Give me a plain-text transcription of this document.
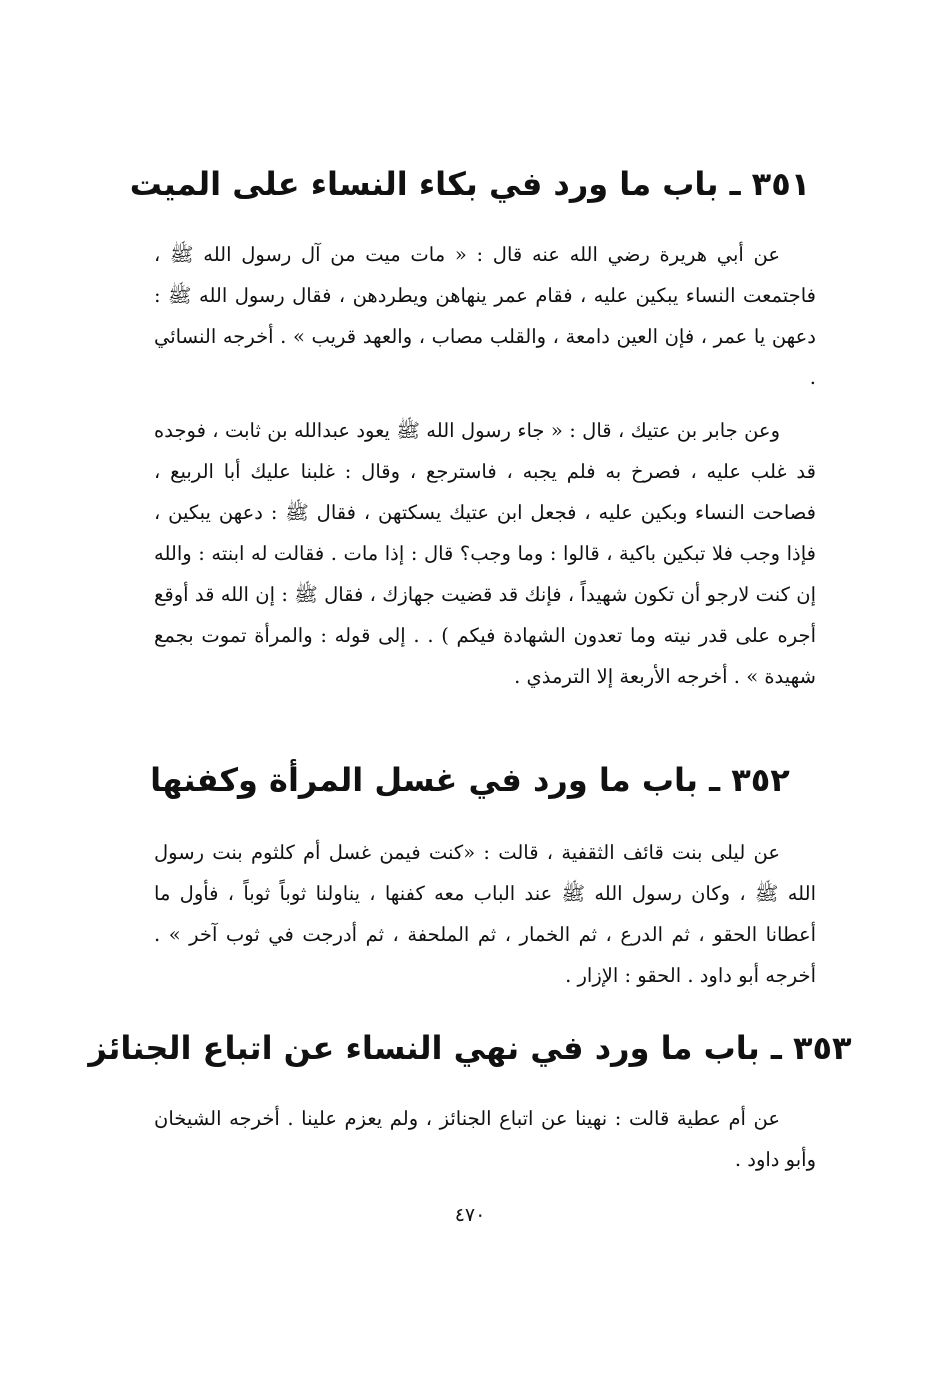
٣٥١ ـ باب ما ورد في بكاء النساء على الميت

عن أبي هريرة رضي الله عنه قال : « مات ميت من آل رسول الله ﷺ ، فاجتمعت النساء يبكين عليه ، فقام عمر ينهاهن ويطردهن ، فقال رسول الله ﷺ : دعهن يا عمر ، فإن العين دامعة ، والقلب مصاب ، والعهد قريب » . أخرجه النسائي .

وعن جابر بن عتيك ، قال : « جاء رسول الله ﷺ يعود عبدالله بن ثابت ، فوجده قد غلب عليه ، فصرخ به فلم يجبه ، فاسترجع ، وقال : غلبنا عليك أبا الربيع ، فصاحت النساء وبكين عليه ، فجعل ابن عتيك يسكتهن ، فقال ﷺ : دعهن يبكين ، فإذا وجب فلا تبكين باكية ، قالوا : وما وجب؟ قال : إذا مات . فقالت له ابنته : والله إن كنت لارجو أن تكون شهيداً ، فإنك قد قضيت جهازك ، فقال ﷺ : إن الله قد أوقع أجره على قدر نيته وما تعدون الشهادة فيكم ) . . إلى قوله : والمرأة تموت بجمع شهيدة » . أخرجه الأربعة إلا الترمذي .

٣٥٢ ـ باب ما ورد في غسل المرأة وكفنها

عن ليلى بنت قائف الثقفية ، قالت : «كنت فيمن غسل أم كلثوم بنت رسول الله ﷺ ، وكان رسول الله ﷺ عند الباب معه كفنها ، يناولنا ثوباً ثوباً ، فأول ما أعطانا الحقو ، ثم الدرع ، ثم الخمار ، ثم الملحفة ، ثم أدرجت في ثوب آخر » . أخرجه أبو داود . الحقو : الإزار .

٣٥٣ ـ باب ما ورد في نهي النساء عن اتباع الجنائز

عن أم عطية قالت : نهينا عن اتباع الجنائز ، ولم يعزم علينا . أخرجه الشيخان وأبو داود .

٤٧٠
